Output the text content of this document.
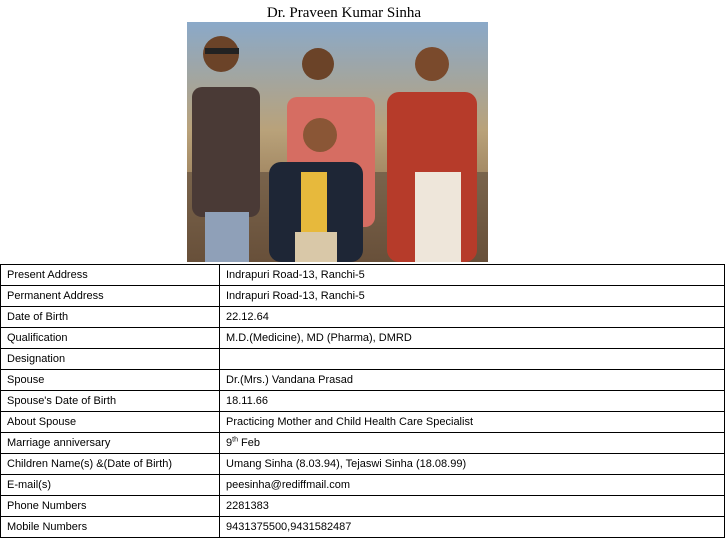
Dr. Praveen Kumar Sinha
Present Address	Indrapuri Road-13, Ranchi-5
Permanent Address	Indrapuri Road-13, Ranchi-5
Date of Birth	22.12.64
Qualification	M.D.(Medicine), MD (Pharma), DMRD
Designation	
Spouse	Dr.(Mrs.) Vandana Prasad
Spouse's Date of Birth	18.11.66
About Spouse	Practicing Mother and Child Health Care Specialist
Marriage anniversary	9th Feb
Children Name(s) &(Date of Birth)	Umang Sinha (8.03.94), Tejaswi Sinha (18.08.99)
E-mail(s)	peesinha@rediffmail.com
Phone Numbers	2281383
Mobile Numbers	9431375500,9431582487
